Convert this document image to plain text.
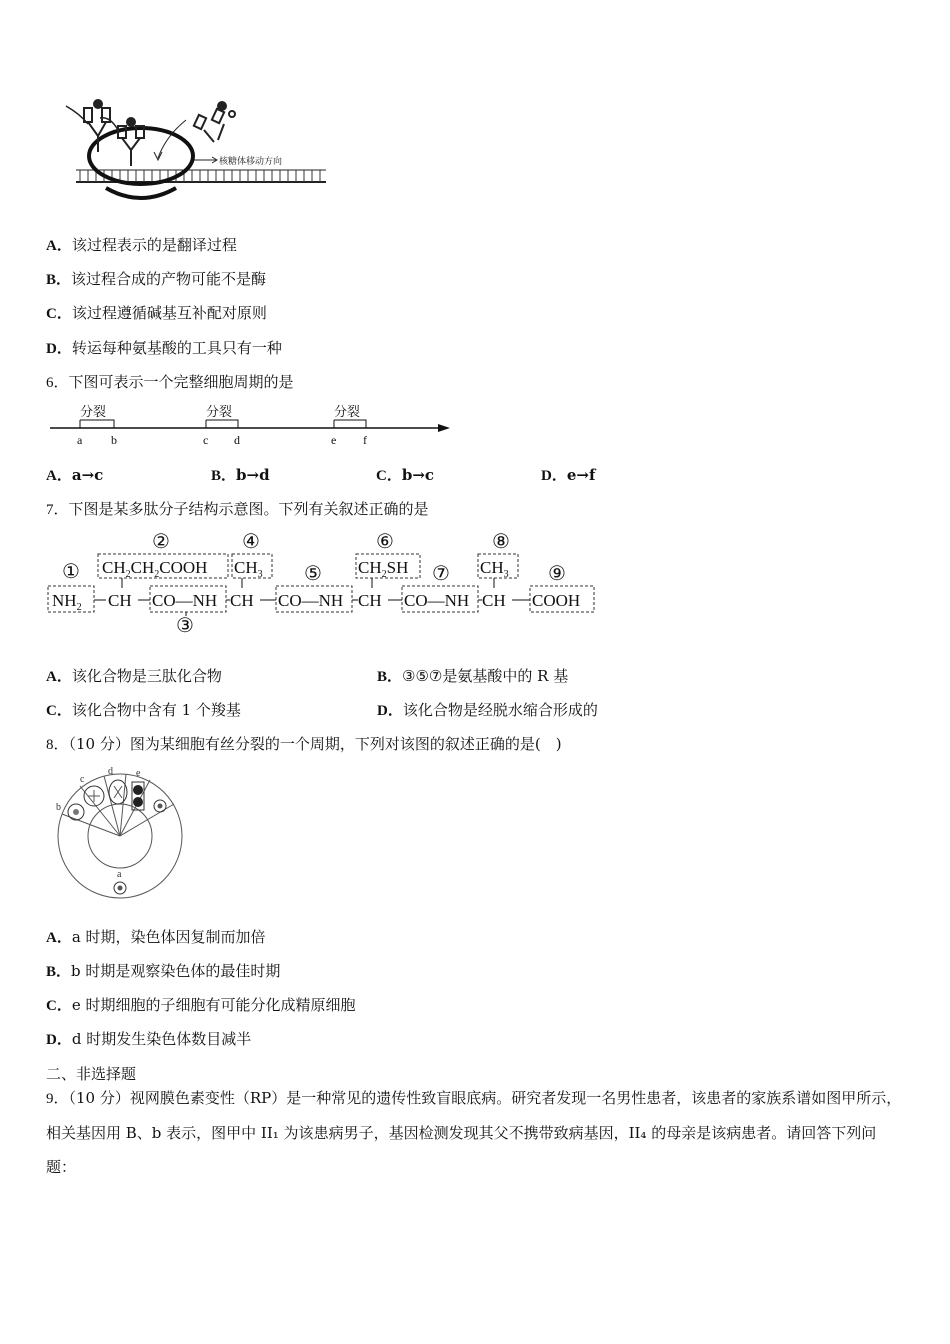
核糖体移动方向
A．该过程表示的是翻译过程
B．该过程合成的产物可能不是酶
C．该过程遵循碱基互补配对原则
D．转运每种氨基酸的工具只有一种
6．下图可表示一个完整细胞周期的是
分裂	分裂	分裂
a b	c d	e f
A．a→c	B．b→d	C．b→c	D．e→f
7．下图是某多肽分子结构示意图。下列有关叙述正确的是
①
②
③
④
⑤
⑥
⑦
⑧
⑨
$CH_2CH_2COOH$ $CH_3$	$CH_2SH$	$CH_3$
$NH_2$ CH CO—NH CH CO—NH CH CO—NH CH COOH
A．该化合物是三肽化合物	B．③⑤⑦是氨基酸中的 R 基
C．该化合物中含有 1 个羧基	D．该化合物是经脱水缩合形成的
8．（10 分）图为某细胞有丝分裂的一个周期，下列对该图的叙述正确的是(　)
a
b
c
d e
A．a 时期，染色体因复制而加倍
B．b 时期是观察染色体的最佳时期
C．e 时期细胞的子细胞有可能分化成精原细胞
D．d 时期发生染色体数目减半
二、非选择题
9．（10 分）视网膜色素变性（RP）是一种常见的遗传性致盲眼底病。研究者发现一名男性患者，该患者的家族系谱如图甲所示，相关基因用 B、b 表示，图甲中 II₁ 为该患病男子，基因检测发现其父不携带致病基因，II₄ 的母亲是该病患者。请回答下列问题：
